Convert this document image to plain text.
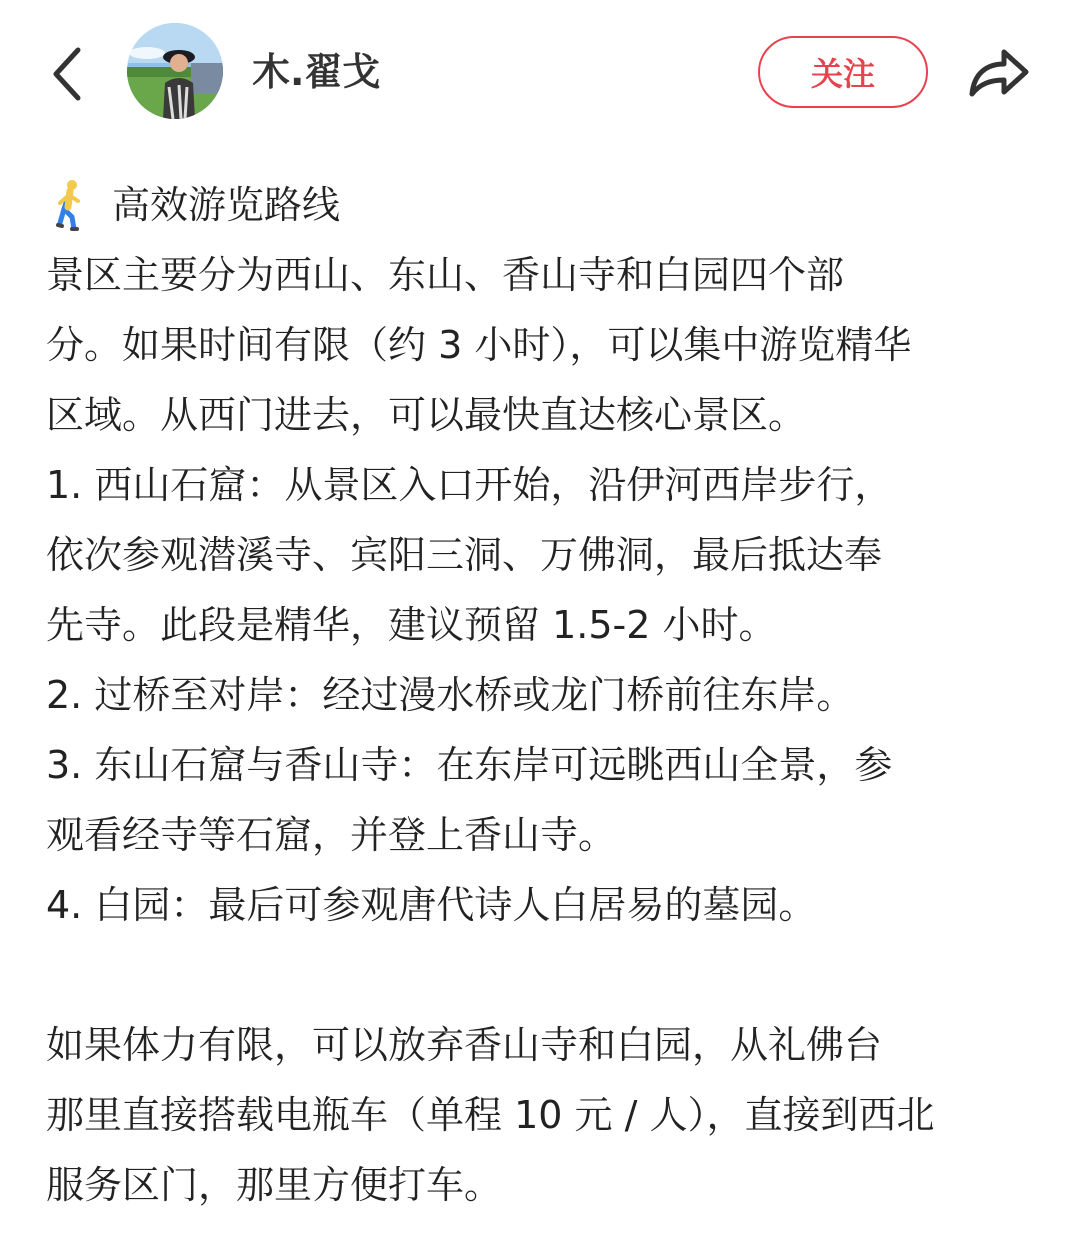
木.翟戈	关注
高效游览路线
景区主要分为西山、东山、香山寺和白园四个部
分。如果时间有限（约 3 小时），可以集中游览精华
区域。从西门进去，可以最快直达核心景区。
1. 西山石窟：从景区入口开始，沿伊河西岸步行，
依次参观潜溪寺、宾阳三洞、万佛洞，最后抵达奉
先寺。此段是精华，建议预留 1.5-2 小时。
2. 过桥至对岸：经过漫水桥或龙门桥前往东岸。
3. 东山石窟与香山寺：在东岸可远眺西山全景，参
观看经寺等石窟，并登上香山寺。
4. 白园：最后可参观唐代诗人白居易的墓园。
如果体力有限，可以放弃香山寺和白园，从礼佛台
那里直接搭载电瓶车（单程 10 元 / 人），直接到西北
服务区门，那里方便打车。
